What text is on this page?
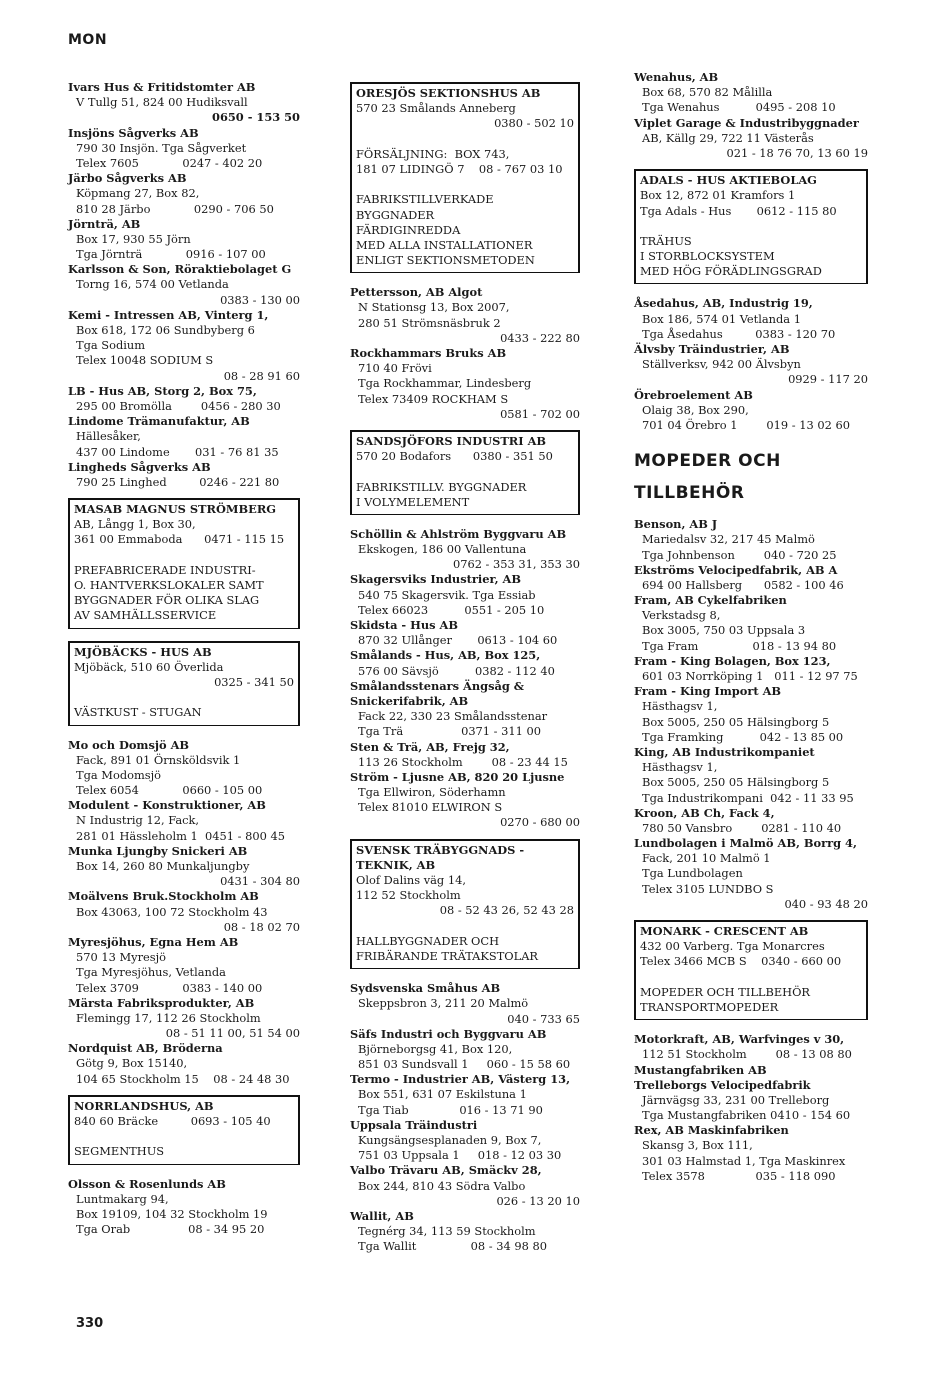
MON
Ivars Hus & Fritidstomter AB
V Tullg 51, 824 00 Hudiksvall
0650 - 153 50
Insjöns Sågverks AB
790 30 Insjön. Tga Sågverket
Telex 7605            0247 - 402 20
Järbo Sågverks AB
Köpmang 27, Box 82,
810 28 Järbo            0290 - 706 50
Jörnträ, AB
Box 17, 930 55 Jörn
Tga Jörnträ            0916 - 107 00
Karlsson & Son, Röraktiebolaget G
Torng 16, 574 00 Vetlanda
0383 - 130 00
Kemi - Intressen AB, Vinterg 1,
Box 618, 172 06 Sundbyberg 6
Tga Sodium
Telex 10048 SODIUM S
08 - 28 91 60
LB - Hus AB, Storg 2, Box 75,
295 00 Bromölla        0456 - 280 30
Lindome Trämanufaktur, AB
Hällesåker,
437 00 Lindome       031 - 76 81 35
Lingheds Sågverks AB
790 25 Linghed         0246 - 221 80
MASAB MAGNUS STRÖMBERG
AB, Långg 1, Box 30,
361 00 Emmaboda      0471 - 115 15
PREFABRICERADE INDUSTRI-
O. HANTVERKSLOKALER SAMT
BYGGNADER FÖR OLIKA SLAG
AV SAMHÄLLSSERVICE
MJÖBÄCKS - HUS AB
Mjöbäck, 510 60 Överlida
0325 - 341 50
VÄSTKUST - STUGAN
Mo och Domsjö AB
Fack, 891 01 Örnsköldsvik 1
Tga Modomsjö
Telex 6054            0660 - 105 00
Modulent - Konstruktioner, AB
N Industrig 12, Fack,
281 01 Hässleholm 1  0451 - 800 45
Munka Ljungby Snickeri AB
Box 14, 260 80 Munkaljungby
0431 - 304 80
Moälvens Bruk.Stockholm AB
Box 43063, 100 72 Stockholm 43
08 - 18 02 70
Myresjöhus, Egna Hem AB
570 13 Myresjö
Tga Myresjöhus, Vetlanda
Telex 3709            0383 - 140 00
Märsta Fabriksprodukter, AB
Flemingg 17, 112 26 Stockholm
08 - 51 11 00, 51 54 00
Nordquist AB, Bröderna
Götg 9, Box 15140,
104 65 Stockholm 15    08 - 24 48 30
NORRLANDSHUS, AB
840 60 Bräcke         0693 - 105 40
SEGMENTHUS
Olsson & Rosenlunds AB
Luntmakarg 94,
Box 19109, 104 32 Stockholm 19
Tga Orab                08 - 34 95 20
ORESJÖS SEKTIONSHUS AB
570 23 Smålands Anneberg
0380 - 502 10
FÖRSÄLJNING:  BOX 743,
181 07 LIDINGÖ 7    08 - 767 03 10
FABRIKSTILLVERKADE
BYGGNADER
FÄRDIGINREDDA
MED ALLA INSTALLATIONER
ENLIGT SEKTIONSMETODEN
Pettersson, AB Algot
N Stationsg 13, Box 2007,
280 51 Strömsnäsbruk 2
0433 - 222 80
Rockhammars Bruks AB
710 40 Frövi
Tga Rockhammar, Lindesberg
Telex 73409 ROCKHAM S
0581 - 702 00
SANDSJÖFORS INDUSTRI AB
570 20 Bodafors      0380 - 351 50
FABRIKSTILLV. BYGGNADER
I VOLYMELEMENT
Schöllin & Ahlström Byggvaru AB
Ekskogen, 186 00 Vallentuna
0762 - 353 31, 353 30
Skagersviks Industrier, AB
540 75 Skagersvik. Tga Essiab
Telex 66023          0551 - 205 10
Skidsta - Hus AB
870 32 Ullånger       0613 - 104 60
Smålands - Hus, AB, Box 125,
576 00 Sävsjö          0382 - 112 40
Smålandsstenars Ängsåg &
Snickerifabrik, AB
Fack 22, 330 23 Smålandsstenar
Tga Trä                0371 - 311 00
Sten & Trä, AB, Frejg 32,
113 26 Stockholm        08 - 23 44 15
Ström - Ljusne AB, 820 20 Ljusne
Tga Ellwiron, Söderhamn
Telex 81010 ELWIRON S
0270 - 680 00
SVENSK TRÄBYGGNADS -
TEKNIK, AB
Olof Dalins väg 14,
112 52 Stockholm
08 - 52 43 26, 52 43 28
HALLBYGGNADER OCH
FRIBÄRANDE TRÄTAKSTOLAR
Sydsvenska Småhus AB
Skeppsbron 3, 211 20 Malmö
040 - 733 65
Säfs Industri och Byggvaru AB
Björneborgsg 41, Box 120,
851 03 Sundsvall 1     060 - 15 58 60
Termo - Industrier AB, Västerg 13,
Box 551, 631 07 Eskilstuna 1
Tga Tiab              016 - 13 71 90
Uppsala Träindustri
Kungsängsesplanaden 9, Box 7,
751 03 Uppsala 1     018 - 12 03 30
Valbo Trävaru AB, Smäckv 28,
Box 244, 810 43 Södra Valbo
026 - 13 20 10
Wallit, AB
Tegnérg 34, 113 59 Stockholm
Tga Wallit               08 - 34 98 80
Wenahus, AB
Box 68, 570 82 Målilla
Tga Wenahus          0495 - 208 10
Viplet Garage & Industribyggnader
AB, Källg 29, 722 11 Västerås
021 - 18 76 70, 13 60 19
ADALS - HUS AKTIEBOLAG
Box 12, 872 01 Kramfors 1
Tga Adals - Hus       0612 - 115 80
TRÄHUS
I STORBLOCKSYSTEM
MED HÖG FÖRÄDLINGSGRAD
Åsedahus, AB, Industrig 19,
Box 186, 574 01 Vetlanda 1
Tga Åsedahus         0383 - 120 70
Älvsby Träindustrier, AB
Ställverksv, 942 00 Älvsbyn
0929 - 117 20
Örebroelement AB
Olaig 38, Box 290,
701 04 Örebro 1        019 - 13 02 60
MOPEDER OCH
TILLBEHÖR
Benson, AB J
Mariedalsv 32, 217 45 Malmö
Tga Johnbenson        040 - 720 25
Ekströms Velocipedfabrik, AB A
694 00 Hallsberg      0582 - 100 46
Fram, AB Cykelfabriken
Verkstadsg 8,
Box 3005, 750 03 Uppsala 3
Tga Fram               018 - 13 94 80
Fram - King Bolagen, Box 123,
601 03 Norrköping 1   011 - 12 97 75
Fram - King Import AB
Hästhagsv 1,
Box 5005, 250 05 Hälsingborg 5
Tga Framking          042 - 13 85 00
King, AB Industrikompaniet
Hästhagsv 1,
Box 5005, 250 05 Hälsingborg 5
Tga Industrikompani  042 - 11 33 95
Kroon, AB Ch, Fack 4,
780 50 Vansbro        0281 - 110 40
Lundbolagen i Malmö AB, Borrg 4,
Fack, 201 10 Malmö 1
Tga Lundbolagen
Telex 3105 LUNDBO S
040 - 93 48 20
MONARK - CRESCENT AB
432 00 Varberg. Tga Monarcres
Telex 3466 MCB S    0340 - 660 00
MOPEDER OCH TILLBEHÖR
TRANSPORTMOPEDER
Motorkraft, AB, Warfvinges v 30,
112 51 Stockholm        08 - 13 08 80
Mustangfabriken AB
Trelleborgs Velocipedfabrik
Järnvägsg 33, 231 00 Trelleborg
Tga Mustangfabriken 0410 - 154 60
Rex, AB Maskinfabriken
Skansg 3, Box 111,
301 03 Halmstad 1, Tga Maskinrex
Telex 3578              035 - 118 090
330
